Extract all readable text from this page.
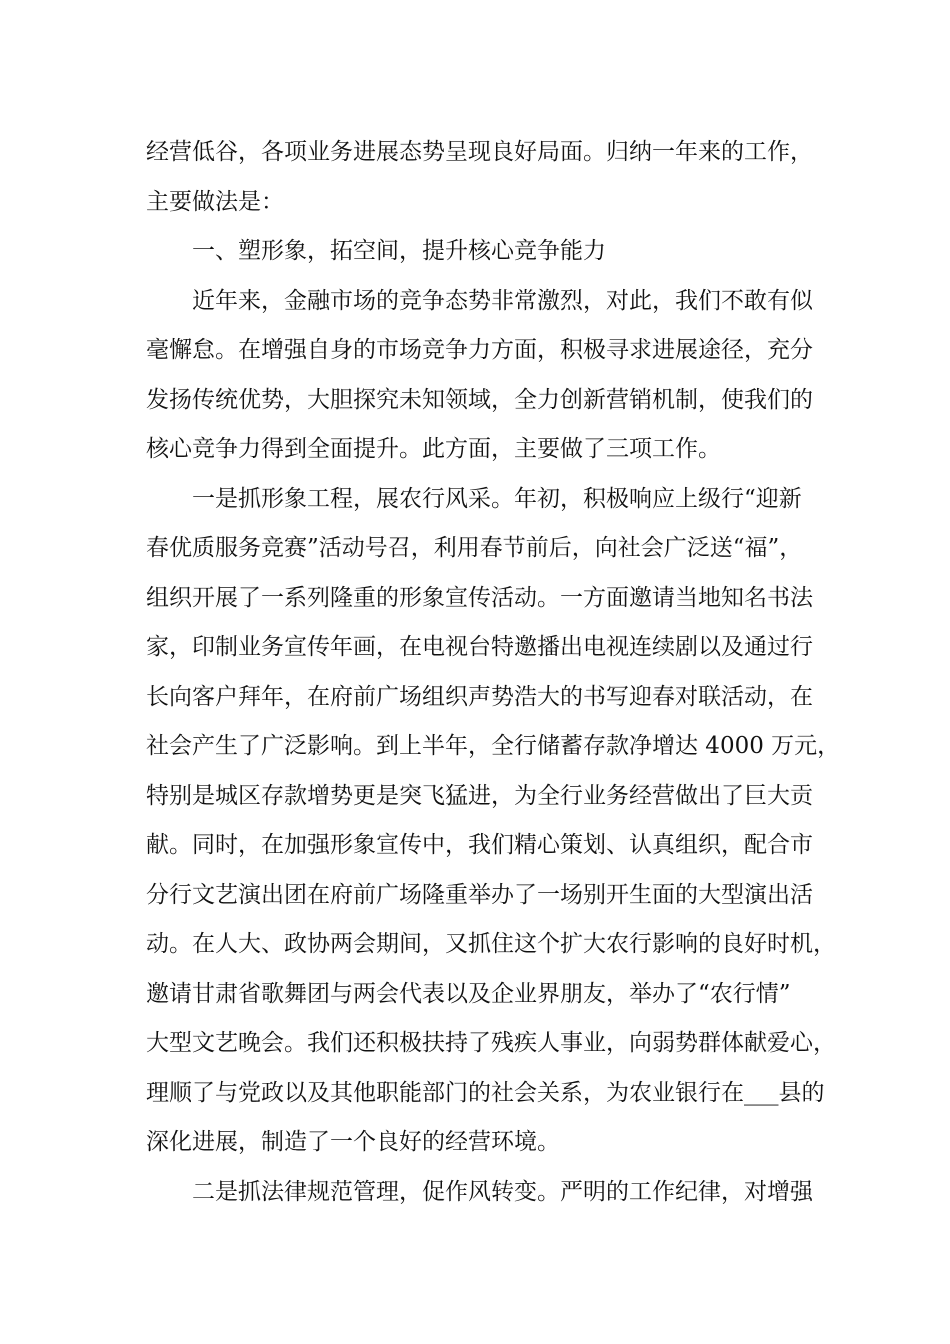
经营低谷，各项业务进展态势呈现良好局面。归纳一年来的工作，
主要做法是：
一、塑形象，拓空间，提升核心竞争能力
近年来，金融市场的竞争态势非常激烈，对此，我们不敢有似
毫懈怠。在增强自身的市场竞争力方面，积极寻求进展途径，充分
发扬传统优势，大胆探究未知领域，全力创新营销机制，使我们的
核心竞争力得到全面提升。此方面，主要做了三项工作。
一是抓形象工程，展农行风采。年初，积极响应上级行“迎新
春优质服务竞赛”活动号召，利用春节前后，向社会广泛送“福”，
组织开展了一系列隆重的形象宣传活动。一方面邀请当地知名书法
家，印制业务宣传年画，在电视台特邀播出电视连续剧以及通过行
长向客户拜年，在府前广场组织声势浩大的书写迎春对联活动，在
社会产生了广泛影响。到上半年，全行储蓄存款净增达 4000 万元，
特别是城区存款增势更是突飞猛进，为全行业务经营做出了巨大贡
献。同时，在加强形象宣传中，我们精心策划、认真组织，配合市
分行文艺演出团在府前广场隆重举办了一场别开生面的大型演出活
动。在人大、政协两会期间，又抓住这个扩大农行影响的良好时机，
邀请甘肃省歌舞团与两会代表以及企业界朋友，举办了“农行情”
大型文艺晚会。我们还积极扶持了残疾人事业，向弱势群体献爱心，
理顺了与党政以及其他职能部门的社会关系，为农业银行在___县的
深化进展，制造了一个良好的经营环境。
二是抓法律规范管理，促作风转变。严明的工作纪律，对增强
